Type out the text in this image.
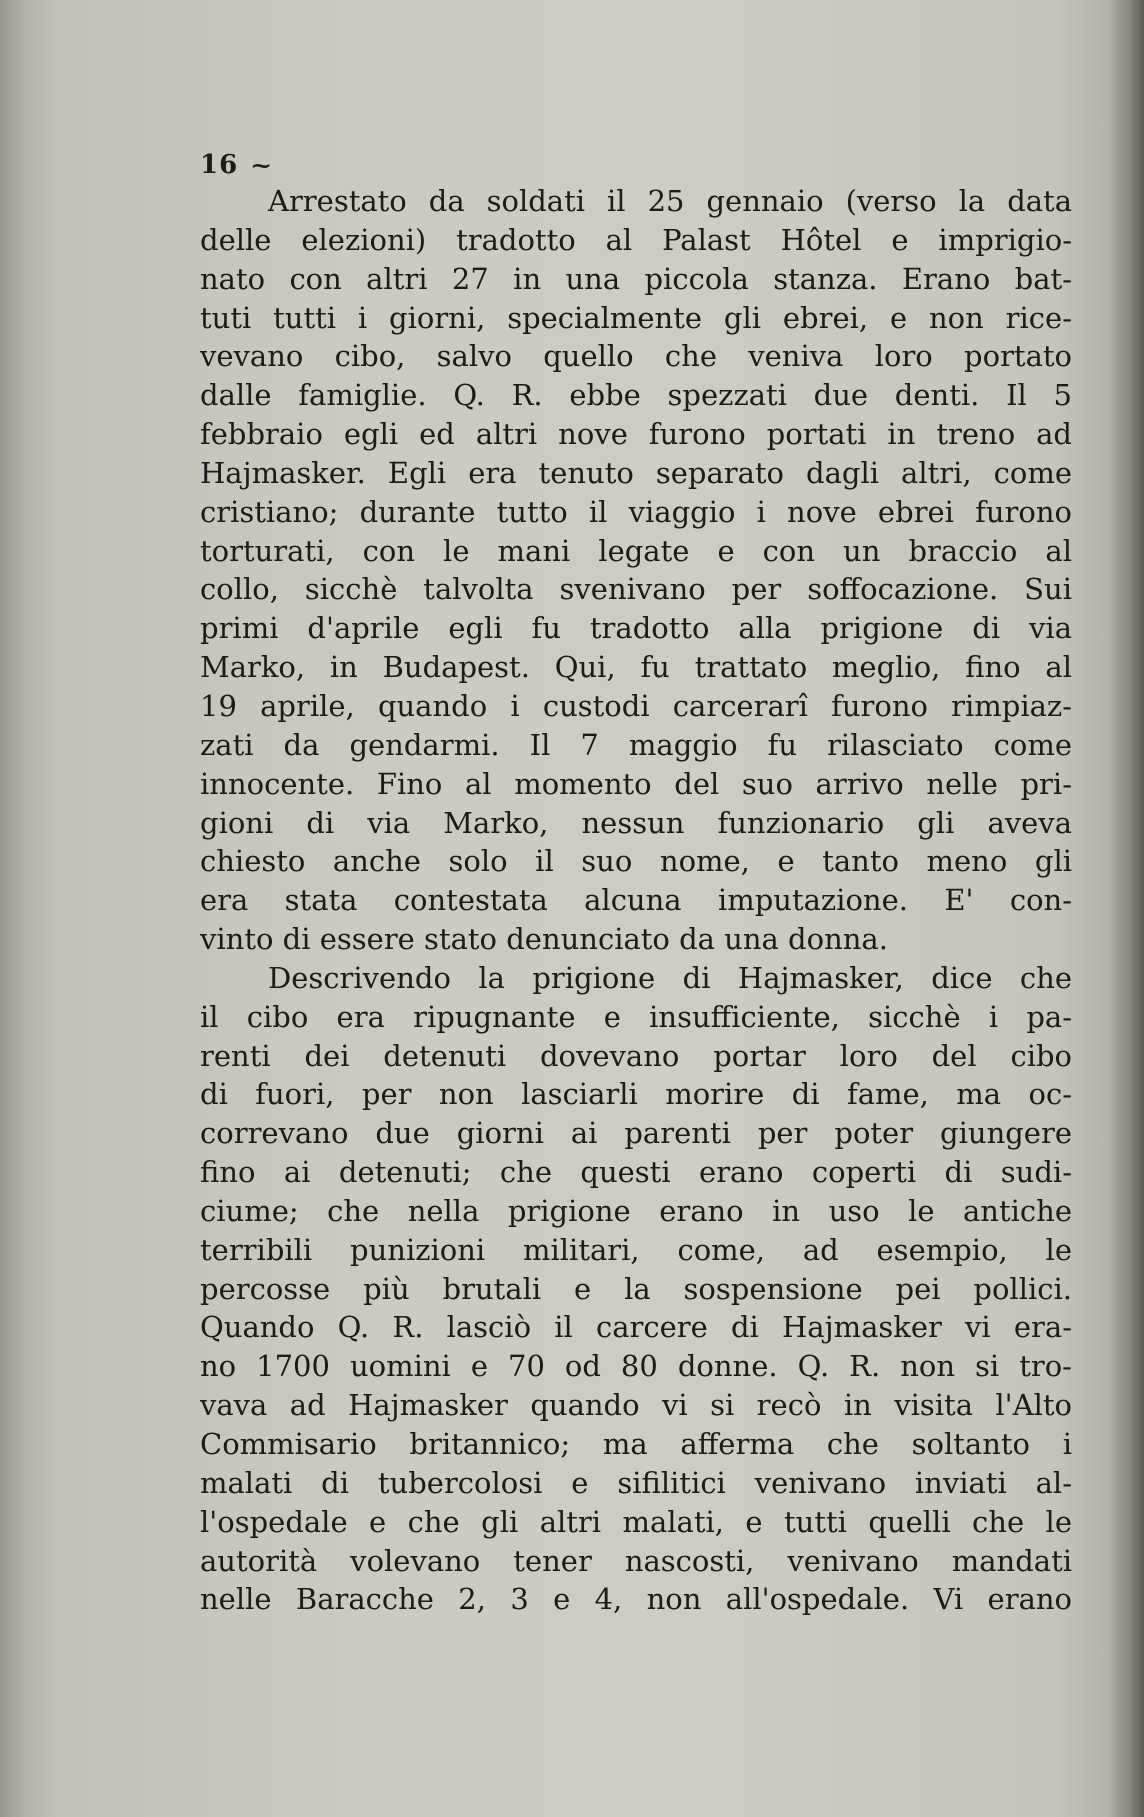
16 ~
Arrestato da soldati il 25 gennaio (verso la data
delle elezioni) tradotto al Palast Hôtel e imprigio-
nato con altri 27 in una piccola stanza. Erano bat-
tuti tutti i giorni, specialmente gli ebrei, e non rice-
vevano cibo, salvo quello che veniva loro portato
dalle famiglie. Q. R. ebbe spezzati due denti. Il 5
febbraio egli ed altri nove furono portati in treno ad
Hajmasker. Egli era tenuto separato dagli altri, come
cristiano; durante tutto il viaggio i nove ebrei furono
torturati, con le mani legate e con un braccio al
collo, sicchè talvolta svenivano per soffocazione. Sui
primi d'aprile egli fu tradotto alla prigione di via
Marko, in Budapest. Qui, fu trattato meglio, fino al
19 aprile, quando i custodi carcerarî furono rimpiaz-
zati da gendarmi. Il 7 maggio fu rilasciato come
innocente. Fino al momento del suo arrivo nelle pri-
gioni di via Marko, nessun funzionario gli aveva
chiesto anche solo il suo nome, e tanto meno gli
era stata contestata alcuna imputazione. E' con-
vinto di essere stato denunciato da una donna.
Descrivendo la prigione di Hajmasker, dice che
il cibo era ripugnante e insufficiente, sicchè i pa-
renti dei detenuti dovevano portar loro del cibo
di fuori, per non lasciarli morire di fame, ma oc-
correvano due giorni ai parenti per poter giungere
fino ai detenuti; che questi erano coperti di sudi-
ciume; che nella prigione erano in uso le antiche
terribili punizioni militari, come, ad esempio, le
percosse più brutali e la sospensione pei pollici.
Quando Q. R. lasciò il carcere di Hajmasker vi era-
no 1700 uomini e 70 od 80 donne. Q. R. non si tro-
vava ad Hajmasker quando vi si recò in visita l'Alto
Commisario britannico; ma afferma che soltanto i
malati di tubercolosi e sifilitici venivano inviati al-
l'ospedale e che gli altri malati, e tutti quelli che le
autorità volevano tener nascosti, venivano mandati
nelle Baracche 2, 3 e 4, non all'ospedale. Vi erano
